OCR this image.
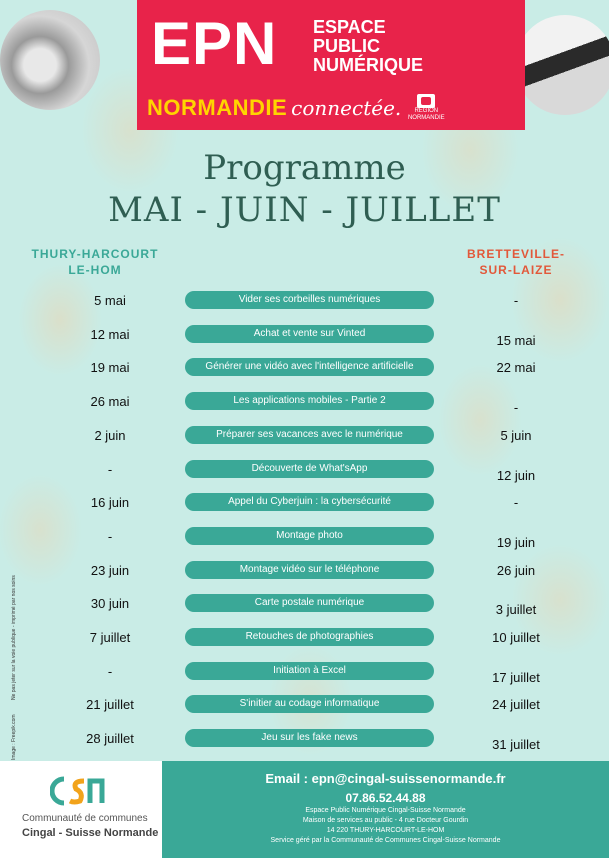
EPN ESPACE
PUBLIC
NUMÉRIQUE
NORMANDIE connectée.	RÉGION NORMANDIE
Programme
MAI - JUIN - JUILLET
THURY-HARCOURT
LE-HOM
BRETTEVILLE-
SUR-LAIZE
5 mai	Vider ses corbeilles numériques	-
12 mai	Achat et vente sur Vinted	15 mai
19 mai	Générer une vidéo avec l'intelligence artificielle	22 mai
26 mai	Les applications mobiles - Partie 2	-
2 juin	Préparer ses vacances avec le numérique	5 juin
-	Découverte de What'sApp	12 juin
16 juin	Appel du Cyberjuin : la cybersécurité	-
-	Montage photo	19 juin
23 juin	Montage vidéo sur le téléphone	26 juin
30 juin	Carte postale numérique	3 juillet
7 juillet	Retouches de photographies	10 juillet
-	Initiation à Excel	17 juillet
21 juillet	S'initier au codage informatique	24 juillet
28 juillet	Jeu sur les fake news	31 juillet
Image : Freepik.com
Ne pas jeter sur la voie publique - imprimé par nos soins
Communauté de communes
Cingal - Suisse Normande
Email : epn@cingal-suissenormande.fr
07.86.52.44.88
Espace Public Numérique Cingal-Suisse Normande
Maison de services au public - 4 rue Docteur Gourdin
14 220 THURY-HARCOURT-LE-HOM
Service géré par la Communauté de Communes Cingal-Suisse Normande
